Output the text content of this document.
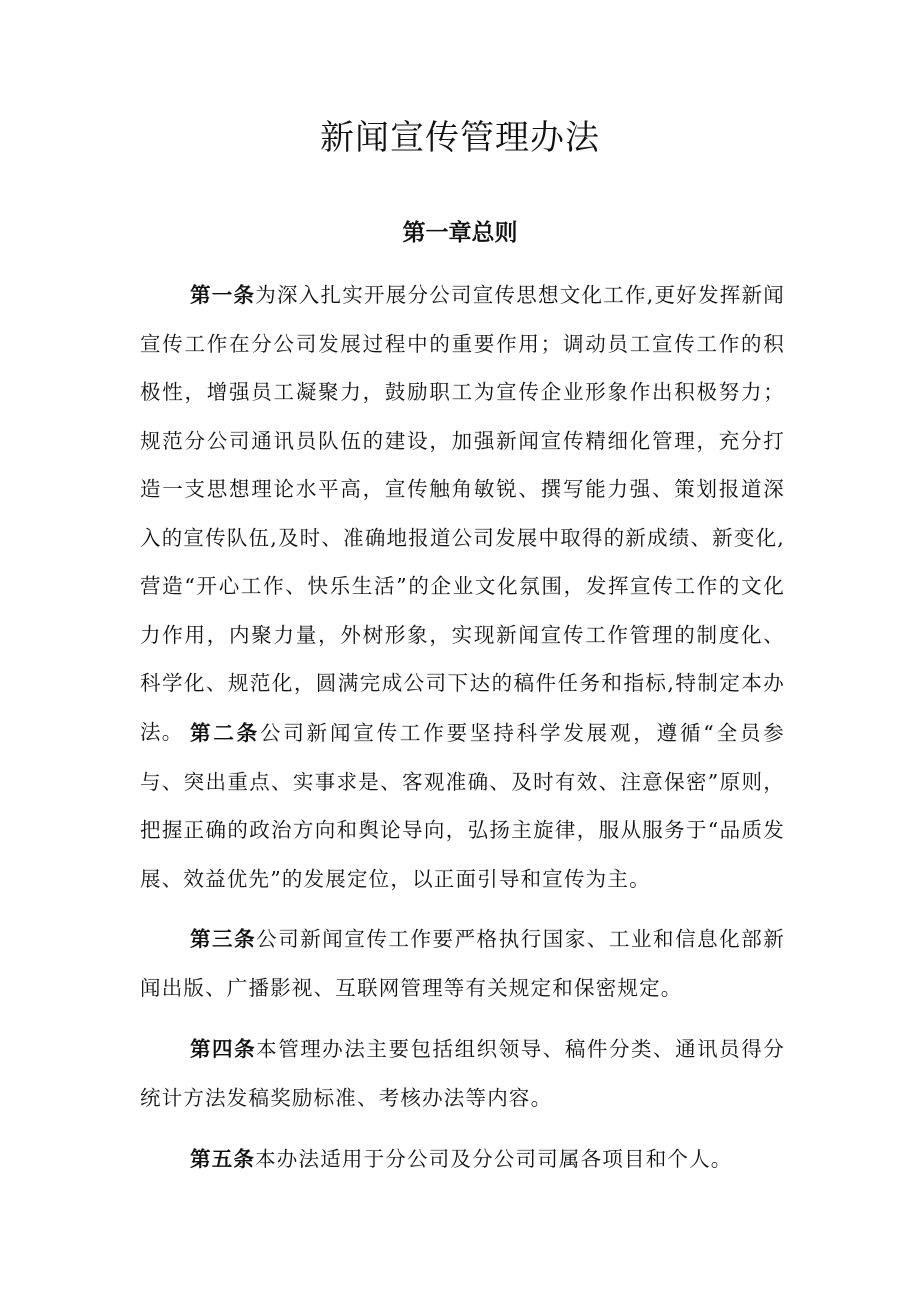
新闻宣传管理办法
第一章总则

第一条为深入扎实开展分公司宣传思想文化工作,更好发挥新闻宣传工作在分公司发展过程中的重要作用；调动员工宣传工作的积极性，增强员工凝聚力，鼓励职工为宣传企业形象作出积极努力；规范分公司通讯员队伍的建设，加强新闻宣传精细化管理，充分打造一支思想理论水平高，宣传触角敏锐、撰写能力强、策划报道深入的宣传队伍,及时、准确地报道公司发展中取得的新成绩、新变化,营造“开心工作、快乐生活”的企业文化氛围，发挥宣传工作的文化力作用，内聚力量，外树形象，实现新闻宣传工作管理的制度化、科学化、规范化，圆满完成公司下达的稿件任务和指标,特制定本办法。 第二条公司新闻宣传工作要坚持科学发展观，遵循“全员参与、突出重点、实事求是、客观准确、及时有效、注意保密”原则，把握正确的政治方向和舆论导向，弘扬主旋律，服从服务于“品质发展、效益优先”的发展定位，以正面引导和宣传为主。

第三条公司新闻宣传工作要严格执行国家、工业和信息化部新闻出版、广播影视、互联网管理等有关规定和保密规定。

第四条本管理办法主要包括组织领导、稿件分类、通讯员得分统计方法发稿奖励标准、考核办法等内容。

第五条本办法适用于分公司及分公司司属各项目和个人。
